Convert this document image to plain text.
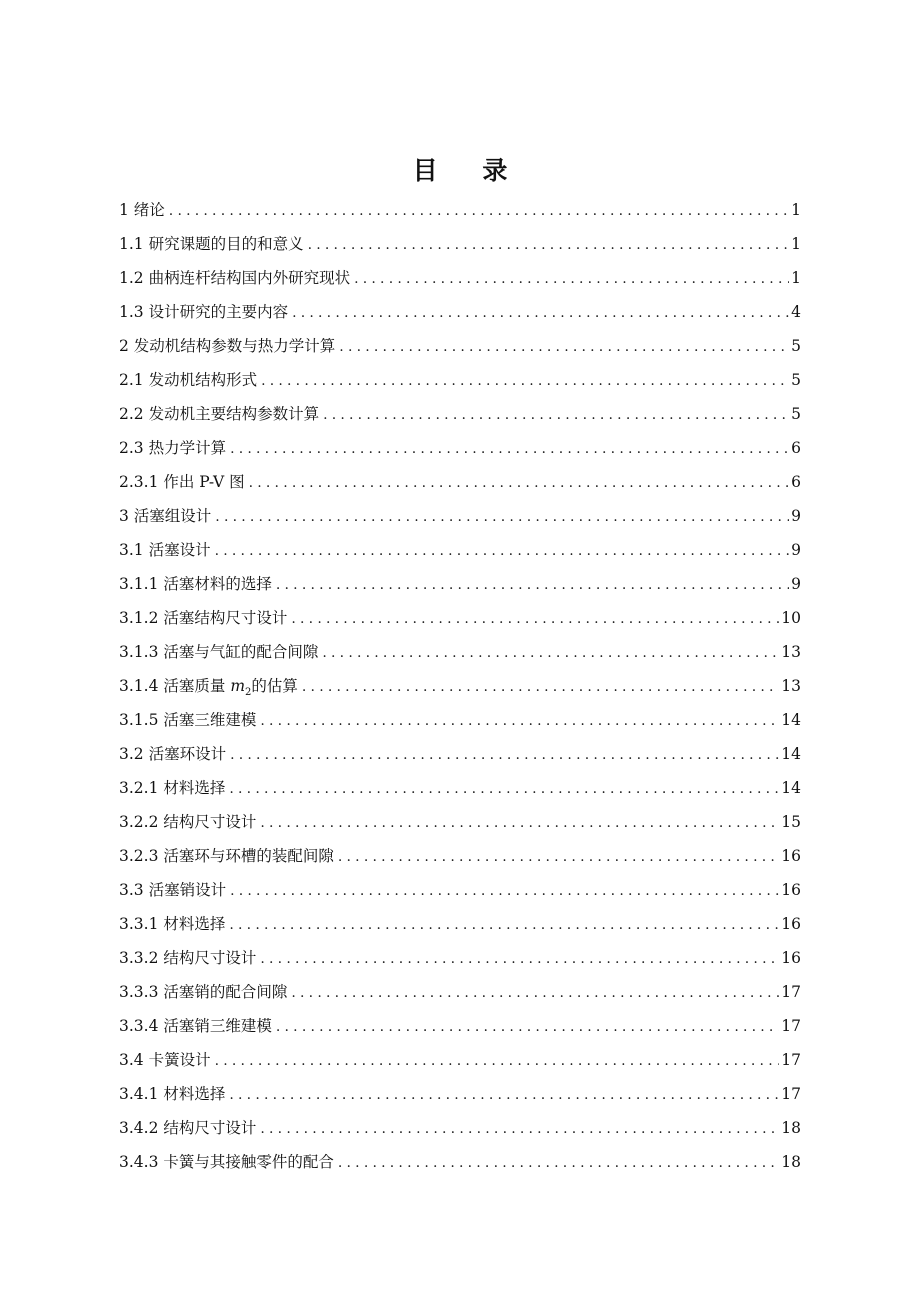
目 录
1 绪论 .....	1
1.1 研究课题的目的和意义 .....	1
1.2 曲柄连杆结构国内外研究现状 .....	1
1.3 设计研究的主要内容 .....	4
2 发动机结构参数与热力学计算 .....	5
2.1 发动机结构形式 .....	5
2.2 发动机主要结构参数计算 .....	5
2.3 热力学计算 .....	6
2.3.1 作出 P-V 图 .....	6
3 活塞组设计 .....	9
3.1 活塞设计 .....	9
3.1.1 活塞材料的选择 .....	9
3.1.2 活塞结构尺寸设计 .....	10
3.1.3 活塞与气缸的配合间隙 .....	13
3.1.4 活塞质量 $m_2$的估算 .....	13
3.1.5 活塞三维建模 .....	14
3.2 活塞环设计 .....	14
3.2.1 材料选择 .....	14
3.2.2 结构尺寸设计 .....	15
3.2.3 活塞环与环槽的装配间隙 .....	16
3.3 活塞销设计 .....	16
3.3.1 材料选择 .....	16
3.3.2 结构尺寸设计 .....	16
3.3.3 活塞销的配合间隙 .....	17
3.3.4 活塞销三维建模 .....	17
3.4 卡簧设计 .....	17
3.4.1 材料选择 .....	17
3.4.2 结构尺寸设计 .....	18
3.4.3 卡簧与其接触零件的配合 .....	18
